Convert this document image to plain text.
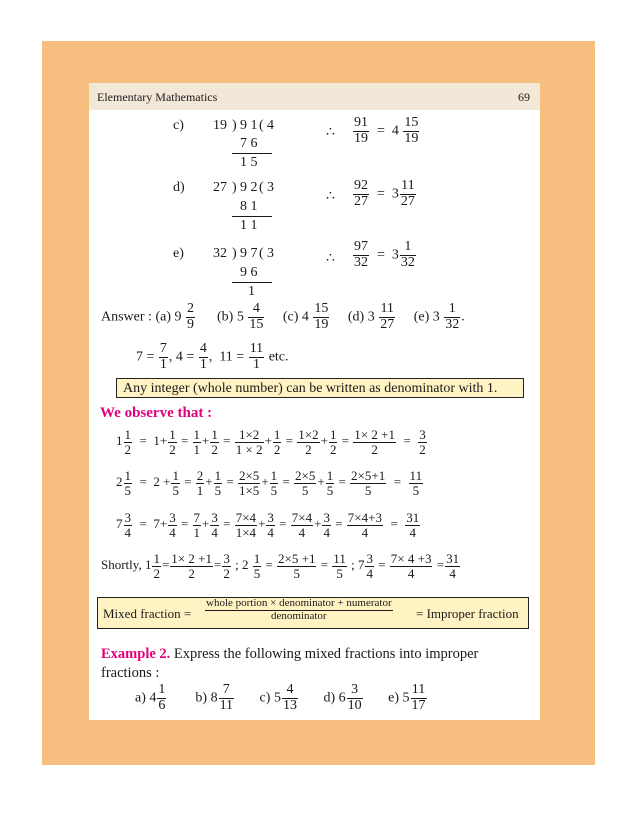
Elementary Mathematics	69
c) 19 ) 9 1 ( 4
7 6
1 5
∴ $\frac{91}{19} = 4 \frac{15}{19}$
d) 27 ) 9 2 ( 3
8 1
1 1
∴ $\frac{92}{27} = 3 \frac{11}{27}$
e) 32 ) 9 7 ( 3
9 6
1
∴ $\frac{97}{32} = 3 \frac{1}{32}$
Answer : (a) $9 \frac{2}{9} (b)$ $5 \frac{4}{15} (c)$ $4 \frac{15}{19} (d)$ $3 \frac{11}{27} (e)$ $3 \frac{1}{32}$ .
$7 = \frac{7}{1}$ , $4 = \frac{4}{1}$ , $11 = \frac{11}{1}$ etc.
Any integer (whole number) can be written as denominator with 1.
We observe that :
$1 \frac{1}{2} = 1+ \frac{1}{2} = \frac{1}{1} + \frac{1}{2} = \frac{1\times 2}{1 \times 2} + \frac{1}{2} = \frac{1\times 2}{2} + \frac{1}{2} = \frac{1\times 2 +1}{2} = \frac{3}{2}$
$2 \frac{1}{5} = 2 + \frac{1}{5} = \frac{2}{1} + \frac{1}{5} = \frac{2\times 5}{1\times 5} + \frac{1}{5} = \frac{2\times 5}{5} + \frac{1}{5} = \frac{2\times 5+1}{5} = \frac{11}{5}$
$7 \frac{3}{4} = 7+ \frac{3}{4} = \frac{7}{1} + \frac{3}{4} = \frac{7\times 4}{1\times 4} + \frac{3}{4} = \frac{7\times 4}{4} + \frac{3}{4} = \frac{7\times 4+3}{4} = \frac{31}{4}$
Shortly, $1 \frac{1}{2} = \frac{1\times 2 +1}{2} = \frac{3}{2}$ ; $2 \frac{1}{5} = \frac{2\times 5 +1}{5} = \frac{11}{5}$ ; $7 \frac{3}{4} = \frac{7\times 4 +3}{4} = \frac{31}{4}$
Mixed fraction = $\frac{\text{whole portion × denominator + numerator}}{\text{denominator}}$ = Improper fraction
Example 2. Express the following mixed fractions into improper
fractions :
a) $4 \frac{1}{6} b$) $8 \frac{7}{11} c$) $5 \frac{4}{13} d$) $6 \frac{3}{10} e$) $5 \frac{11}{17}$
